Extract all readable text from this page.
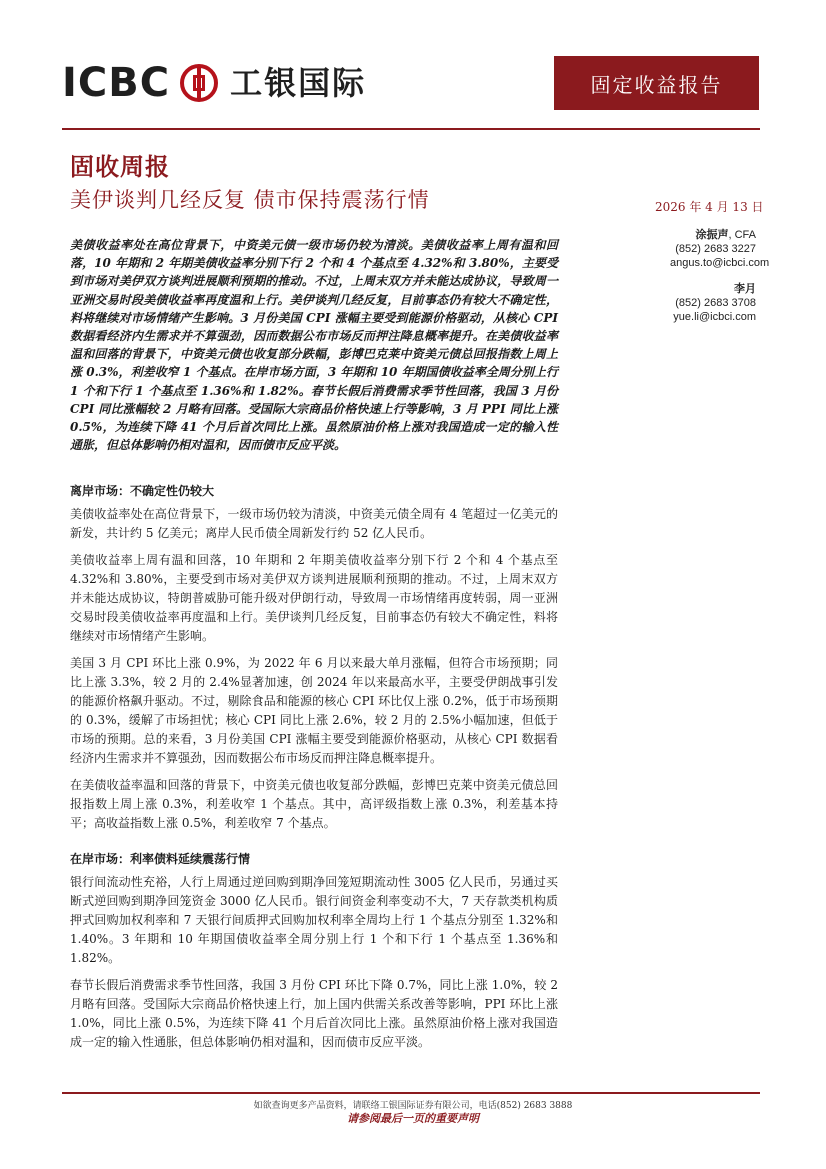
ICBC 工银国际	固定收益报告
固收周报
美伊谈判几经反复 债市保持震荡行情	2026 年 4 月 13 日
涂振声, CFA
(852) 2683 3227
angus.to@icbci.com
李月
(852) 2683 3708
yue.li@icbci.com
美债收益率处在高位背景下，中资美元债一级市场仍较为清淡。美债收益率上周有温和回落，10 年期和 2 年期美债收益率分别下行 2 个和 4 个基点至 4.32%和 3.80%，主要受到市场对美伊双方谈判进展顺利预期的推动。不过，上周末双方并未能达成协议，导致周一亚洲交易时段美债收益率再度温和上行。美伊谈判几经反复，目前事态仍有较大不确定性，料将继续对市场情绪产生影响。3 月份美国 CPI 涨幅主要受到能源价格驱动，从核心 CPI 数据看经济内生需求并不算强劲，因而数据公布市场反而押注降息概率提升。在美债收益率温和回落的背景下，中资美元债也收复部分跌幅，彭博巴克莱中资美元债总回报指数上周上涨 0.3%，利差收窄 1 个基点。在岸市场方面，3 年期和 10 年期国债收益率全周分别上行 1 个和下行 1 个基点至 1.36%和 1.82%。春节长假后消费需求季节性回落，我国 3 月份 CPI 同比涨幅较 2 月略有回落。受国际大宗商品价格快速上行等影响，3 月 PPI 同比上涨 0.5%，为连续下降 41 个月后首次同比上涨。虽然原油价格上涨对我国造成一定的输入性通胀，但总体影响仍相对温和，因而债市反应平淡。

离岸市场：不确定性仍较大

美债收益率处在高位背景下，一级市场仍较为清淡，中资美元债全周有 4 笔超过一亿美元的新发，共计约 5 亿美元；离岸人民币债全周新发行约 52 亿人民币。

美债收益率上周有温和回落，10 年期和 2 年期美债收益率分别下行 2 个和 4 个基点至 4.32%和 3.80%，主要受到市场对美伊双方谈判进展顺利预期的推动。不过，上周末双方并未能达成协议，特朗普威胁可能升级对伊朗行动，导致周一市场情绪再度转弱，周一亚洲交易时段美债收益率再度温和上行。美伊谈判几经反复，目前事态仍有较大不确定性，料将继续对市场情绪产生影响。

美国 3 月 CPI 环比上涨 0.9%，为 2022 年 6 月以来最大单月涨幅，但符合市场预期；同比上涨 3.3%，较 2 月的 2.4%显著加速，创 2024 年以来最高水平，主要受伊朗战事引发的能源价格飙升驱动。不过，剔除食品和能源的核心 CPI 环比仅上涨 0.2%，低于市场预期的 0.3%，缓解了市场担忧；核心 CPI 同比上涨 2.6%，较 2 月的 2.5%小幅加速，但低于市场的预期。总的来看，3 月份美国 CPI 涨幅主要受到能源价格驱动，从核心 CPI 数据看经济内生需求并不算强劲，因而数据公布市场反而押注降息概率提升。

在美债收益率温和回落的背景下，中资美元债也收复部分跌幅，彭博巴克莱中资美元债总回报指数上周上涨 0.3%，利差收窄 1 个基点。其中，高评级指数上涨 0.3%，利差基本持平；高收益指数上涨 0.5%，利差收窄 7 个基点。

在岸市场：利率债料延续震荡行情

银行间流动性充裕，人行上周通过逆回购到期净回笼短期流动性 3005 亿人民币，另通过买断式逆回购到期净回笼资金 3000 亿人民币。银行间资金利率变动不大，7 天存款类机构质押式回购加权利率和 7 天银行间质押式回购加权利率全周均上行 1 个基点分别至 1.32%和 1.40%。3 年期和 10 年期国债收益率全周分别上行 1 个和下行 1 个基点至 1.36%和 1.82%。

春节长假后消费需求季节性回落，我国 3 月份 CPI 环比下降 0.7%，同比上涨 1.0%，较 2 月略有回落。受国际大宗商品价格快速上行，加上国内供需关系改善等影响，PPI 环比上涨 1.0%，同比上涨 0.5%，为连续下降 41 个月后首次同比上涨。虽然原油价格上涨对我国造成一定的输入性通胀，但总体影响仍相对温和，因而债市反应平淡。

如欲查询更多产品资料，请联络工银国际证券有限公司，电话(852) 2683 3888
请参阅最后一页的重要声明
